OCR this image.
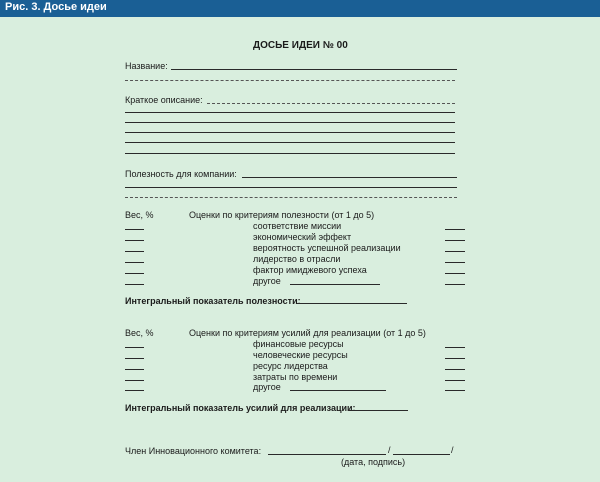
Рис. 3. Досье идеи
ДОСЬЕ ИДЕИ № 00
Название:
Краткое описание:
Полезность для компании:
Вес, %	Оценки по критериям полезности (от 1 до 5)
соответствие миссии
экономический эффект
вероятность успешной реализации
лидерство в отрасли
фактор имиджевого успеха
другое
Интегральный показатель полезности:
Вес, %	Оценки по критериям усилий для реализации (от 1 до 5)
финансовые ресурсы
человеческие ресурсы
ресурс лидерства
затраты по времени
другое
Интегральный показатель усилий для реализации:
Член Инновационного комитета:	/	/
(дата, подпись)
